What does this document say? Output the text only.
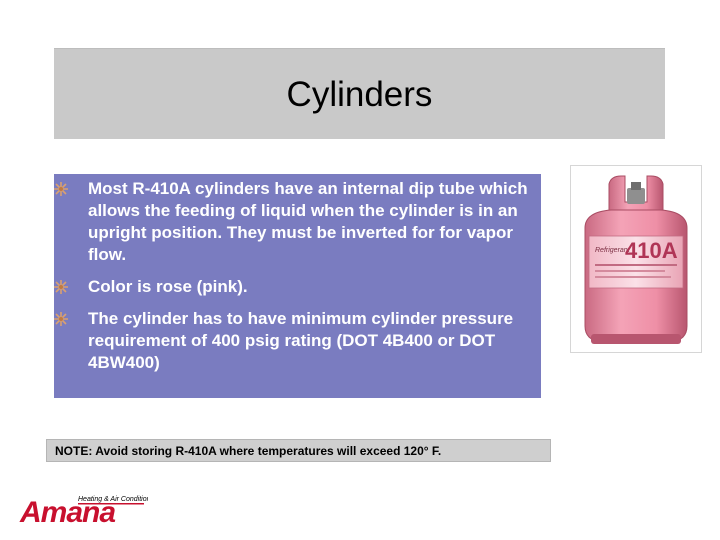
Cylinders
Most R-410A cylinders have an internal dip tube which allows the feeding of liquid when the cylinder is in an upright position. They must be inverted for for vapor flow.
Color is rose (pink).
The cylinder has to have minimum cylinder pressure requirement of 400 psig rating (DOT 4B400 or DOT 4BW400)
Refrigerant
410A
NOTE: Avoid storing R-410A where temperatures will exceed 120° F.
Heating & Air Conditio
Amana
